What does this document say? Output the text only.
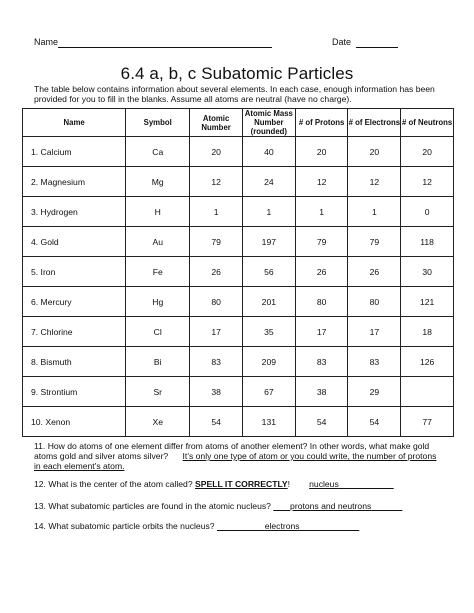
Name	Date
6.4 a, b, c Subatomic Particles

The table below contains information about several elements. In each case, enough information has been provided for you to fill in the blanks. Assume all atoms are neutral (have no charge).

Name	Symbol	Atomic Number	Atomic Mass Number (rounded)	# of Protons	# of Electrons	# of Neutrons
1. Calcium	Ca	20	40	20	20	20
2. Magnesium	Mg	12	24	12	12	12
3. Hydrogen	H	1	1	1	1	0
4. Gold	Au	79	197	79	79	118
5. Iron	Fe	26	56	26	26	30
6. Mercury	Hg	80	201	80	80	121
7. Chlorine	Cl	17	35	17	17	18
8. Bismuth	Bi	83	209	83	83	126
9. Strontium	Sr	38	67	38	29	
10. Xenon	Xe	54	131	54	54	77

11. How do atoms of one element differ from atoms of another element? In other words, what make gold atoms gold and silver atoms silver? It's only one type of atom or you could write, the number of protons in each element's atom.

12. What is the center of the atom called? SPELL IT CORRECTLY!        nucleus

13. What subatomic particles are found in the atomic nucleus? protons and neutrons

14. What subatomic particle orbits the nucleus?	electrons
